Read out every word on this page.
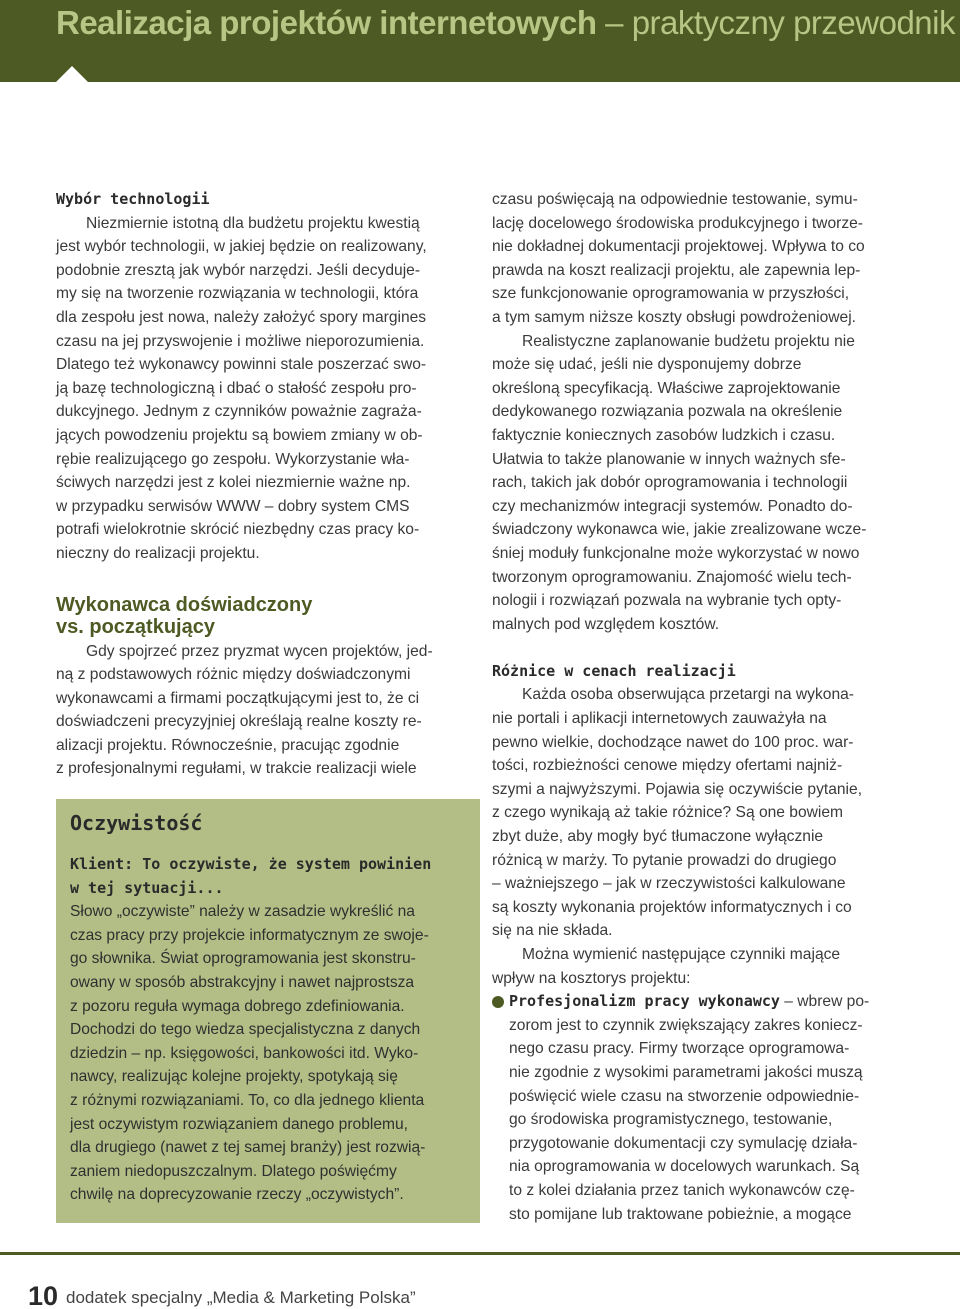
Realizacja projektów internetowych – praktyczny przewodnik
Wybór technologii
Niezmiernie istotną dla budżetu projektu kwestią
jest wybór technologii, w jakiej będzie on realizowany,
podobnie zresztą jak wybór narzędzi. Jeśli decyduje-
my się na tworzenie rozwiązania w technologii, która
dla zespołu jest nowa, należy założyć spory margines
czasu na jej przyswojenie i możliwe nieporozumienia.
Dlatego też wykonawcy powinni stale poszerzać swo-
ją bazę technologiczną i dbać o stałość zespołu pro-
dukcyjnego. Jednym z czynników poważnie zagraża-
jących powodzeniu projektu są bowiem zmiany w ob-
rębie realizującego go zespołu. Wykorzystanie wła-
ściwych narzędzi jest z kolei niezmiernie ważne np.
w przypadku serwisów WWW – dobry system CMS
potrafi wielokrotnie skrócić niezbędny czas pracy ko-
nieczny do realizacji projektu.
Wykonawca doświadczony
vs. początkujący
Gdy spojrzeć przez pryzmat wycen projektów, jed-
ną z podstawowych różnic między doświadczonymi
wykonawcami a firmami początkującymi jest to, że ci
doświadczeni precyzyjniej określają realne koszty re-
alizacji projektu. Równocześnie, pracując zgodnie
z profesjonalnymi regułami, w trakcie realizacji wiele
Oczywistość
Klient: To oczywiste, że system powinien
w tej sytuacji...
Słowo „oczywiste” należy w zasadzie wykreślić na
czas pracy przy projekcie informatycznym ze swoje-
go słownika. Świat oprogramowania jest skonstru-
owany w sposób abstrakcyjny i nawet najprostsza
z pozoru reguła wymaga dobrego zdefiniowania.
Dochodzi do tego wiedza specjalistyczna z danych
dziedzin – np. księgowości, bankowości itd. Wyko-
nawcy, realizując kolejne projekty, spotykają się
z różnymi rozwiązaniami. To, co dla jednego klienta
jest oczywistym rozwiązaniem danego problemu,
dla drugiego (nawet z tej samej branży) jest rozwią-
zaniem niedopuszczalnym. Dlatego poświęćmy
chwilę na doprecyzowanie rzeczy „oczywistych”.
czasu poświęcają na odpowiednie testowanie, symu-
lację docelowego środowiska produkcyjnego i tworze-
nie dokładnej dokumentacji projektowej. Wpływa to co
prawda na koszt realizacji projektu, ale zapewnia lep-
sze funkcjonowanie oprogramowania w przyszłości,
a tym samym niższe koszty obsługi powdrożeniowej.
Realistyczne zaplanowanie budżetu projektu nie
może się udać, jeśli nie dysponujemy dobrze
określoną specyfikacją. Właściwe zaprojektowanie
dedykowanego rozwiązania pozwala na określenie
faktycznie koniecznych zasobów ludzkich i czasu.
Ułatwia to także planowanie w innych ważnych sfe-
rach, takich jak dobór oprogramowania i technologii
czy mechanizmów integracji systemów. Ponadto do-
świadczony wykonawca wie, jakie zrealizowane wcze-
śniej moduły funkcjonalne może wykorzystać w nowo
tworzonym oprogramowaniu. Znajomość wielu tech-
nologii i rozwiązań pozwala na wybranie tych opty-
malnych pod względem kosztów.
Różnice w cenach realizacji
Każda osoba obserwująca przetargi na wykona-
nie portali i aplikacji internetowych zauważyła na
pewno wielkie, dochodzące nawet do 100 proc. war-
tości, rozbieżności cenowe między ofertami najniż-
szymi a najwyższymi. Pojawia się oczywiście pytanie,
z czego wynikają aż takie różnice? Są one bowiem
zbyt duże, aby mogły być tłumaczone wyłącznie
różnicą w marży. To pytanie prowadzi do drugiego
– ważniejszego – jak w rzeczywistości kalkulowane
są koszty wykonania projektów informatycznych i co
się na nie składa.
Można wymienić następujące czynniki mające
wpływ na kosztorys projektu:
Profesjonalizm pracy wykonawcy – wbrew po-
zorom jest to czynnik zwiększający zakres koniecz-
nego czasu pracy. Firmy tworzące oprogramowa-
nie zgodnie z wysokimi parametrami jakości muszą
poświęcić wiele czasu na stworzenie odpowiednie-
go środowiska programistycznego, testowanie,
przygotowanie dokumentacji czy symulację działa-
nia oprogramowania w docelowych warunkach. Są
to z kolei działania przez tanich wykonawców czę-
sto pomijane lub traktowane pobieżnie, a mogące
10 dodatek specjalny „Media & Marketing Polska”
